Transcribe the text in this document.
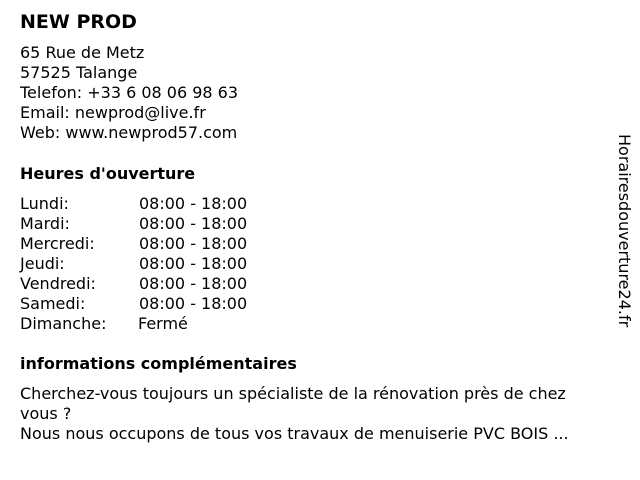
NEW PROD
65 Rue de Metz
57525 Talange
Telefon: +33 6 08 06 98 63
Email: newprod@live.fr
Web: www.newprod57.com
Heures d'ouverture
Lundi:	08:00 - 18:00
Mardi:	08:00 - 18:00
Mercredi:	08:00 - 18:00
Jeudi:	08:00 - 18:00
Vendredi:	08:00 - 18:00
Samedi:	08:00 - 18:00
Dimanche: Fermé
informations complémentaires
Cherchez-vous toujours un spécialiste de la rénovation près de chez
vous ?
Nous nous occupons de tous vos travaux de menuiserie PVC BOIS ...
Horairesdouverture24.fr
